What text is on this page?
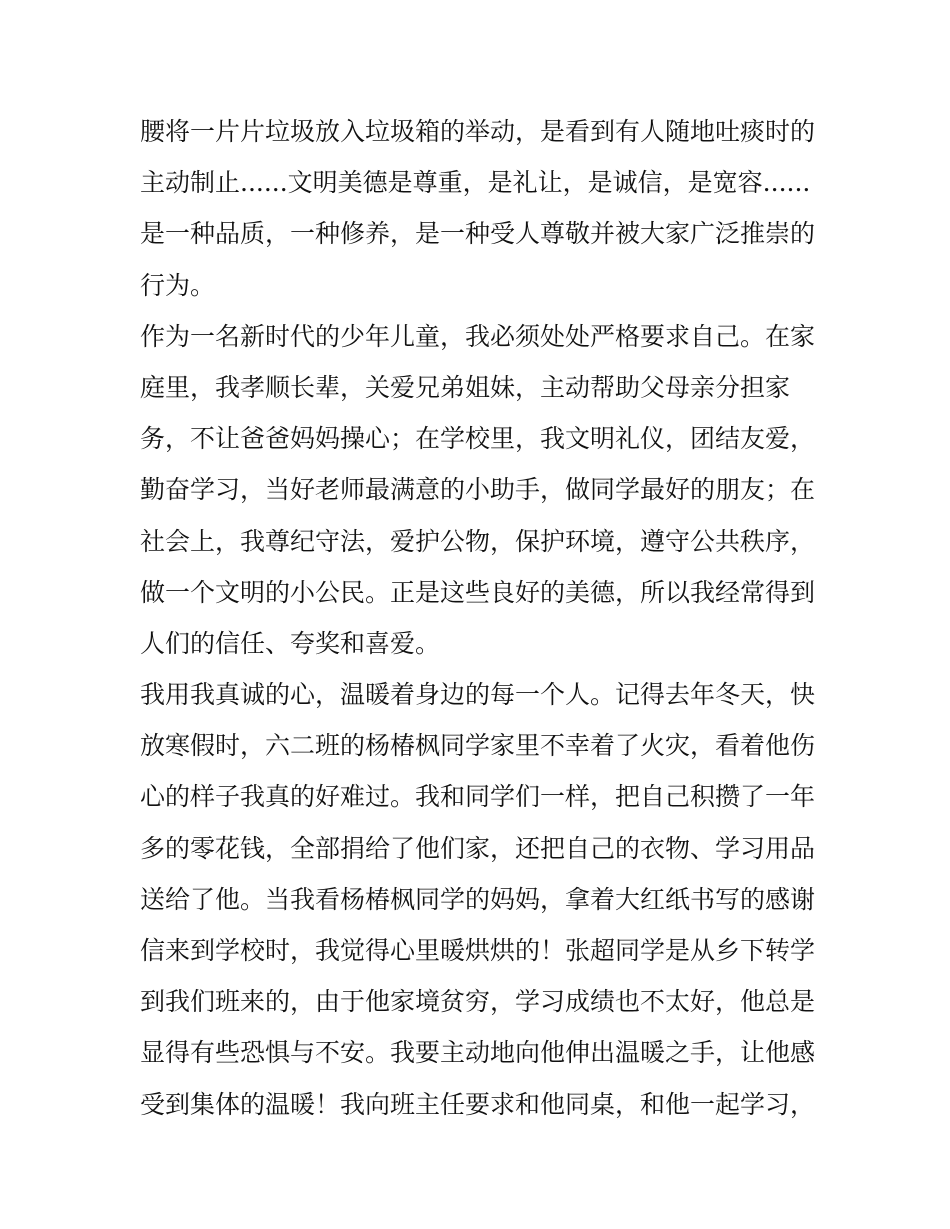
腰将一片片垃圾放入垃圾箱的举动，是看到有人随地吐痰时的
主动制止......文明美德是尊重，是礼让，是诚信，是宽容......
是一种品质，一种修养，是一种受人尊敬并被大家广泛推崇的
行为。
作为一名新时代的少年儿童，我必须处处严格要求自己。在家
庭里，我孝顺长辈，关爱兄弟姐妹，主动帮助父母亲分担家
务，不让爸爸妈妈操心；在学校里，我文明礼仪，团结友爱，
勤奋学习，当好老师最满意的小助手，做同学最好的朋友；在
社会上，我尊纪守法，爱护公物，保护环境，遵守公共秩序，
做一个文明的小公民。正是这些良好的美德，所以我经常得到
人们的信任、夸奖和喜爱。
我用我真诚的心，温暖着身边的每一个人。记得去年冬天，快
放寒假时，六二班的杨椿枫同学家里不幸着了火灾，看着他伤
心的样子我真的好难过。我和同学们一样，把自己积攒了一年
多的零花钱，全部捐给了他们家，还把自己的衣物、学习用品
送给了他。当我看杨椿枫同学的妈妈，拿着大红纸书写的感谢
信来到学校时，我觉得心里暖烘烘的！张超同学是从乡下转学
到我们班来的，由于他家境贫穷，学习成绩也不太好，他总是
显得有些恐惧与不安。我要主动地向他伸出温暖之手，让他感
受到集体的温暖！我向班主任要求和他同桌，和他一起学习，
